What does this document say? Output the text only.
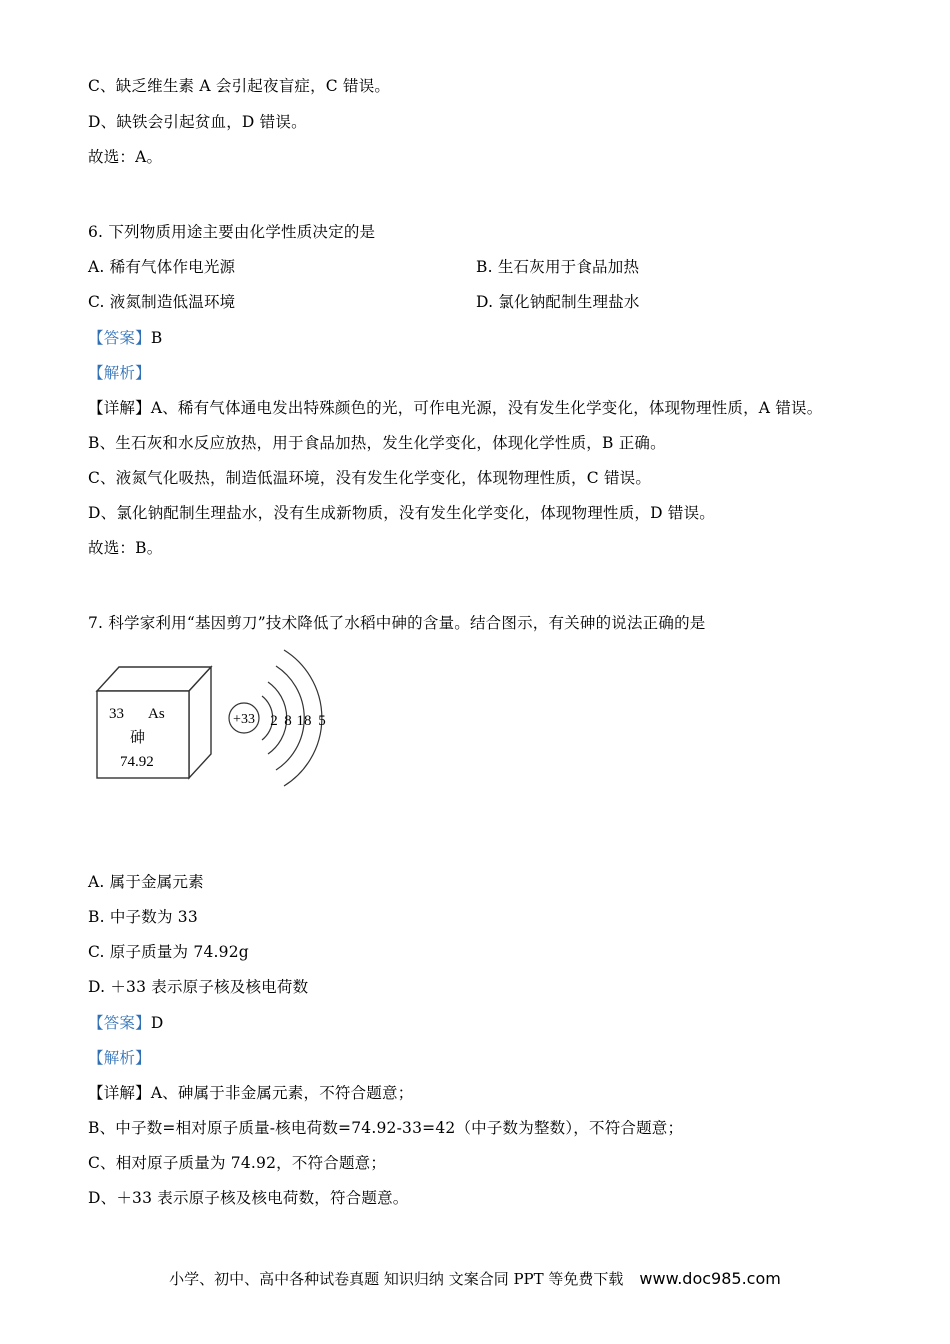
C、缺乏维生素 A 会引起夜盲症，C 错误。
D、缺铁会引起贫血，D 错误。
故选：A。
6. 下列物质用途主要由化学性质决定的是
A. 稀有气体作电光源	B. 生石灰用于食品加热
C. 液氮制造低温环境	D. 氯化钠配制生理盐水
【答案】B
【解析】
【详解】A、稀有气体通电发出特殊颜色的光，可作电光源，没有发生化学变化，体现物理性质，A 错误。
B、生石灰和水反应放热，用于食品加热，发生化学变化，体现化学性质，B 正确。
C、液氮气化吸热，制造低温环境，没有发生化学变化，体现物理性质，C 错误。
D、氯化钠配制生理盐水，没有生成新物质，没有发生化学变化，体现物理性质，D 错误。
故选：B。
7. 科学家利用“基因剪刀”技术降低了水稻中砷的含量。结合图示，有关砷的说法正确的是
33 As
砷
74.92
+33 2 8 18 5
A. 属于金属元素
B. 中子数为 33
C. 原子质量为 74.92g
D. ＋33 表示原子核及核电荷数
【答案】D
【解析】
【详解】A、砷属于非金属元素，不符合题意；
B、中子数=相对原子质量-核电荷数=74.92-33=42（中子数为整数），不符合题意；
C、相对原子质量为 74.92，不符合题意；
D、＋33 表示原子核及核电荷数，符合题意。
小学、初中、高中各种试卷真题 知识归纳 文案合同 PPT 等免费下载 www.doc985.com
